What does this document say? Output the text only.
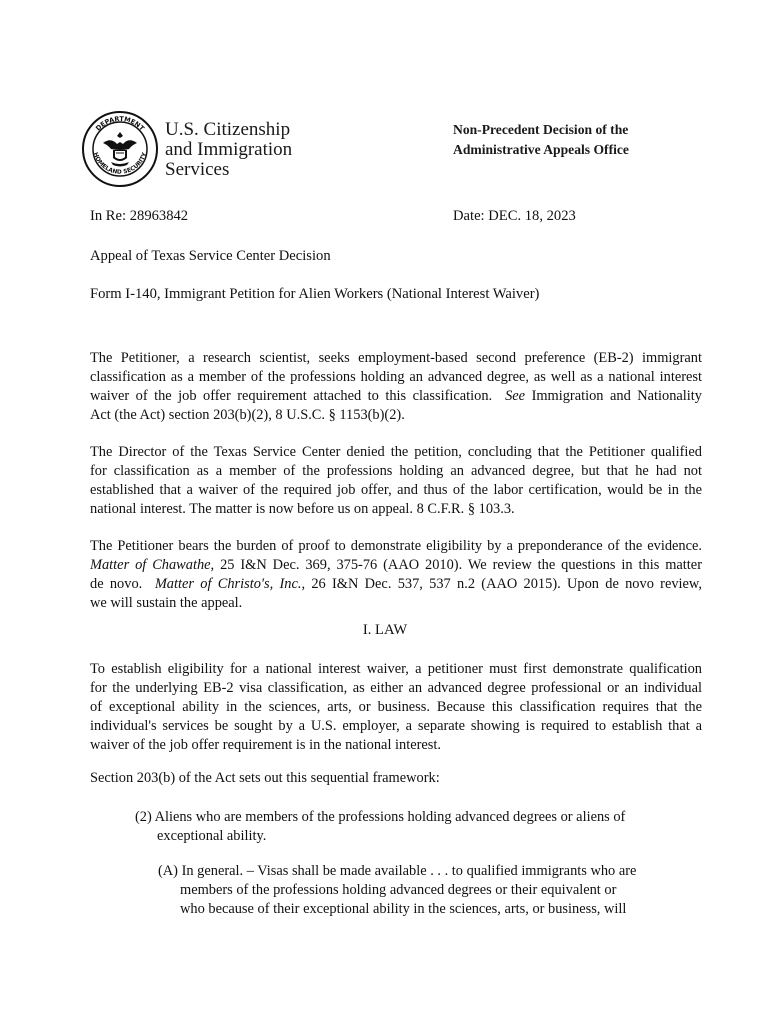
DEPARTMENT
HOMELAND SECURITY
U.S. Citizenship
and Immigration
Services
Non-Precedent Decision of the
Administrative Appeals Office
In Re: 28963842	Date: DEC. 18, 2023
Appeal of Texas Service Center Decision
Form I-140, Immigrant Petition for Alien Workers (National Interest Waiver)
The Petitioner, a research scientist, seeks employment-based second preference (EB-2) immigrant
classification as a member of the professions holding an advanced degree, as well as a national interest
waiver of the job offer requirement attached to this classification. See Immigration and Nationality
Act (the Act) section 203(b)(2), 8 U.S.C. § 1153(b)(2).
The Director of the Texas Service Center denied the petition, concluding that the Petitioner qualified
for classification as a member of the professions holding an advanced degree, but that he had not
established that a waiver of the required job offer, and thus of the labor certification, would be in the
national interest. The matter is now before us on appeal. 8 C.F.R. § 103.3.
The Petitioner bears the burden of proof to demonstrate eligibility by a preponderance of the evidence.
Matter of Chawathe, 25 I&N Dec. 369, 375-76 (AAO 2010). We review the questions in this matter
de novo. Matter of Christo's, Inc., 26 I&N Dec. 537, 537 n.2 (AAO 2015). Upon de novo review,
we will sustain the appeal.
I. LAW
To establish eligibility for a national interest waiver, a petitioner must first demonstrate qualification
for the underlying EB-2 visa classification, as either an advanced degree professional or an individual
of exceptional ability in the sciences, arts, or business. Because this classification requires that the
individual's services be sought by a U.S. employer, a separate showing is required to establish that a
waiver of the job offer requirement is in the national interest.
Section 203(b) of the Act sets out this sequential framework:
(2) Aliens who are members of the professions holding advanced degrees or aliens of
exceptional ability.
(A) In general. – Visas shall be made available . . . to qualified immigrants who are
members of the professions holding advanced degrees or their equivalent or
who because of their exceptional ability in the sciences, arts, or business, will
